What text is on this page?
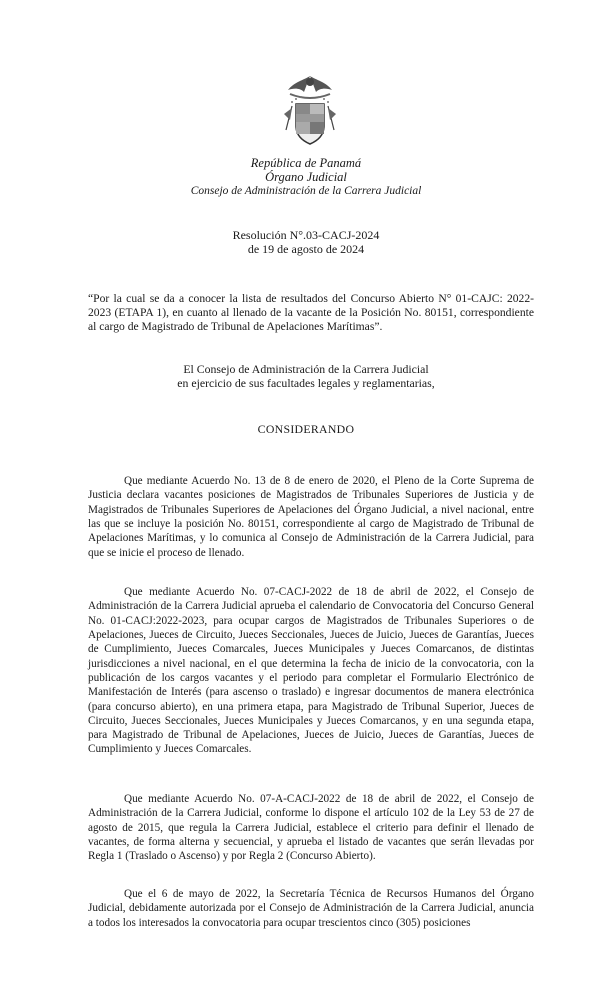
República de Panamá
Órgano Judicial
Consejo de Administración de la Carrera Judicial
Resolución N°.03-CACJ-2024
de 19 de agosto de 2024
“Por la cual se da a conocer la lista de resultados del Concurso Abierto N° 01-CAJC: 2022-2023 (ETAPA 1), en cuanto al llenado de la vacante de la Posición No. 80151, correspondiente al cargo de Magistrado de Tribunal de Apelaciones Marítimas”.
El Consejo de Administración de la Carrera Judicial
en ejercicio de sus facultades legales y reglamentarias,
CONSIDERANDO

Que mediante Acuerdo No. 13 de 8 de enero de 2020, el Pleno de la Corte Suprema de Justicia declara vacantes posiciones de Magistrados de Tribunales Superiores de Justicia y de Magistrados de Tribunales Superiores de Apelaciones del Órgano Judicial, a nivel nacional, entre las que se incluye la posición No. 80151, correspondiente al cargo de Magistrado de Tribunal de Apelaciones Marítimas, y lo comunica al Consejo de Administración de la Carrera Judicial, para que se inicie el proceso de llenado.

Que mediante Acuerdo No. 07-CACJ-2022 de 18 de abril de 2022, el Consejo de Administración de la Carrera Judicial aprueba el calendario de Convocatoria del Concurso General No. 01-CACJ:2022-2023, para ocupar cargos de Magistrados de Tribunales Superiores o de Apelaciones, Jueces de Circuito, Jueces Seccionales, Jueces de Juicio, Jueces de Garantías, Jueces de Cumplimiento, Jueces Comarcales, Jueces Municipales y Jueces Comarcanos, de distintas jurisdicciones a nivel nacional, en el que determina la fecha de inicio de la convocatoria, con la publicación de los cargos vacantes y el periodo para completar el Formulario Electrónico de Manifestación de Interés (para ascenso o traslado) e ingresar documentos de manera electrónica (para concurso abierto), en una primera etapa, para Magistrado de Tribunal Superior, Jueces de Circuito, Jueces Seccionales, Jueces Municipales y Jueces Comarcanos, y en una segunda etapa, para Magistrado de Tribunal de Apelaciones, Jueces de Juicio, Jueces de Garantías, Jueces de Cumplimiento y Jueces Comarcales.

Que mediante Acuerdo No. 07-A-CACJ-2022 de 18 de abril de 2022, el Consejo de Administración de la Carrera Judicial, conforme lo dispone el artículo 102 de la Ley 53 de 27 de agosto de 2015, que regula la Carrera Judicial, establece el criterio para definir el llenado de vacantes, de forma alterna y secuencial, y aprueba el listado de vacantes que serán llevadas por Regla 1 (Traslado o Ascenso) y por Regla 2 (Concurso Abierto).

Que el 6 de mayo de 2022, la Secretaría Técnica de Recursos Humanos del Órgano Judicial, debidamente autorizada por el Consejo de Administración de la Carrera Judicial, anuncia a todos los interesados la convocatoria para ocupar trescientos cinco (305) posiciones
